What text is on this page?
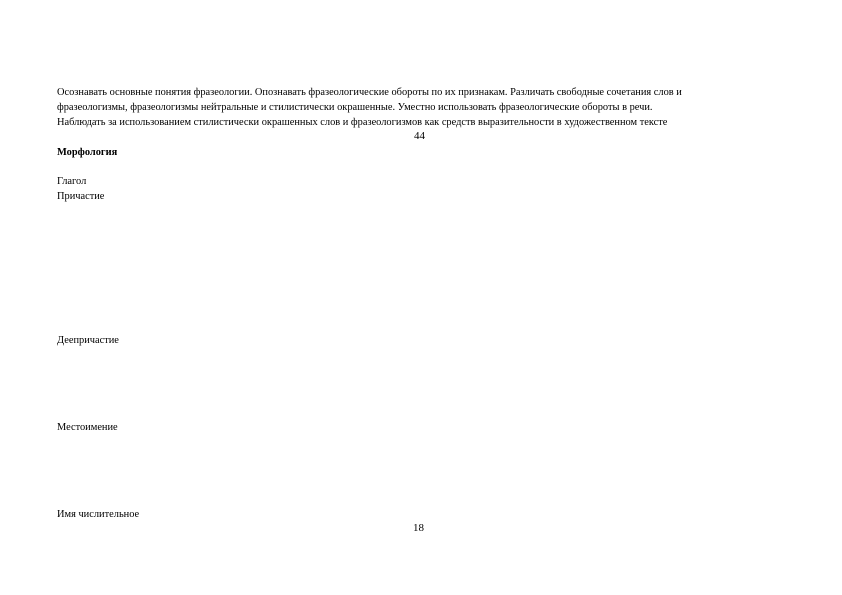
Осознавать основные понятия фразеологии. Опознавать фразеологические обороты по их признакам. Различать свободные сочетания слов и
фразеологизмы, фразеологизмы нейтральные и стилистически окрашенные. Уместно использовать фразеологические обороты в речи.
Наблюдать за использованием стилистически окрашенных слов и фразеологизмов как средств выразительности в художественном тексте
44
Морфология
Глагол
Причастие
Деепричастие
Местоимение
Имя числительное
18
